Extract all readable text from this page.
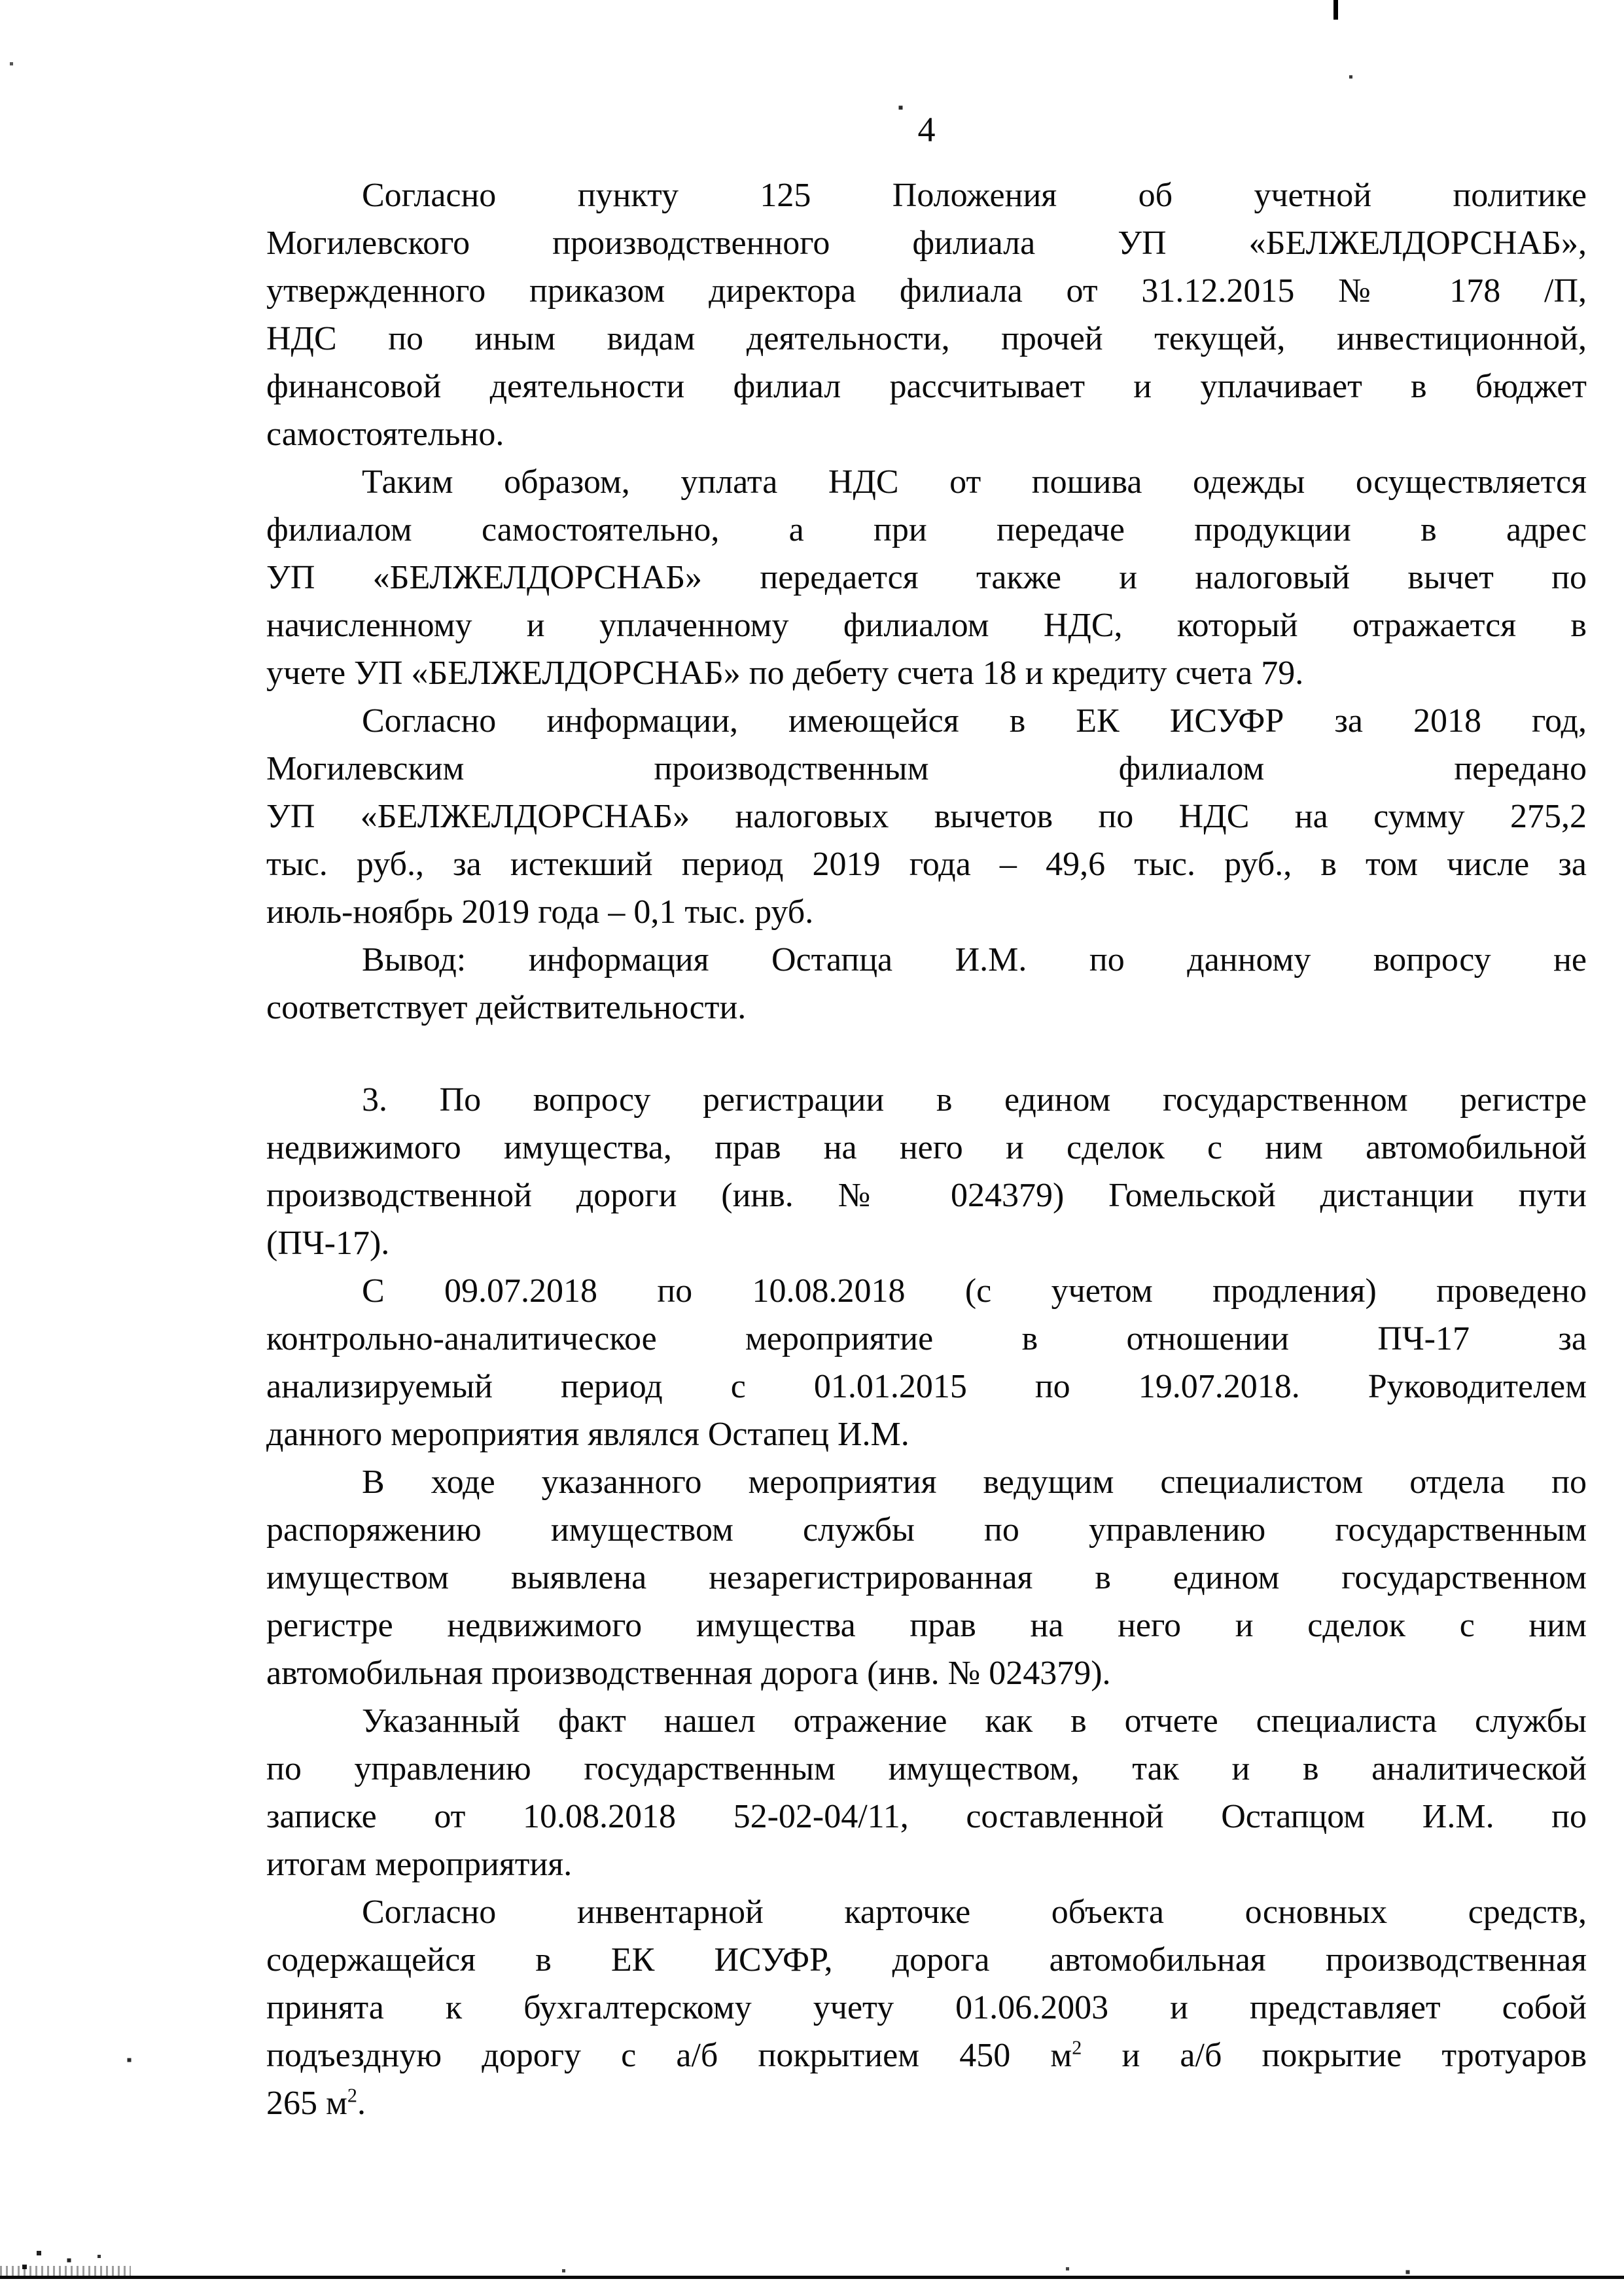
4
Согласно пункту 125 Положения об учетной политике
Могилевского производственного филиала УП «БЕЛЖЕЛДОРСНАБ»,
утвержденного приказом директора филиала от 31.12.2015 № 178 /П,
НДС по иным видам деятельности, прочей текущей, инвестиционной,
финансовой деятельности филиал рассчитывает и уплачивает в бюджет
самостоятельно.
Таким образом, уплата НДС от пошива одежды осуществляется
филиалом самостоятельно, а при передаче продукции в адрес
УП «БЕЛЖЕЛДОРСНАБ» передается также и налоговый вычет по
начисленному и уплаченному филиалом НДС, который отражается в
учете УП «БЕЛЖЕЛДОРСНАБ» по дебету счета 18 и кредиту счета 79.
Согласно информации, имеющейся в ЕК ИСУФР за 2018 год,
Могилевским производственным филиалом передано
УП «БЕЛЖЕЛДОРСНАБ» налоговых вычетов по НДС на сумму 275,2
тыс. руб., за истекший период 2019 года – 49,6 тыс. руб., в том числе за
июль-ноябрь 2019 года – 0,1 тыс. руб.
Вывод: информация Остапца И.М. по данному вопросу не
соответствует действительности.
3. По вопросу регистрации в едином государственном регистре
недвижимого имущества, прав на него и сделок с ним автомобильной
производственной дороги (инв. № 024379) Гомельской дистанции пути
(ПЧ-17).
С 09.07.2018 по 10.08.2018 (с учетом продления) проведено
контрольно-аналитическое мероприятие в отношении ПЧ-17 за
анализируемый период с 01.01.2015 по 19.07.2018. Руководителем
данного мероприятия являлся Остапец И.М.
В ходе указанного мероприятия ведущим специалистом отдела по
распоряжению имуществом службы по управлению государственным
имуществом выявлена незарегистрированная в едином государственном
регистре недвижимого имущества прав на него и сделок с ним
автомобильная производственная дорога (инв. № 024379).
Указанный факт нашел отражение как в отчете специалиста службы
по управлению государственным имуществом, так и в аналитической
записке от 10.08.2018 52-02-04/11, составленной Остапцом И.М. по
итогам мероприятия.
Согласно инвентарной карточке объекта основных средств,
содержащейся в ЕК ИСУФР, дорога автомобильная производственная
принята к бухгалтерскому учету 01.06.2003 и представляет собой
подъездную дорогу с а/б покрытием 450 $м^2$ и а/б покрытие тротуаров
265 $м^2$.
